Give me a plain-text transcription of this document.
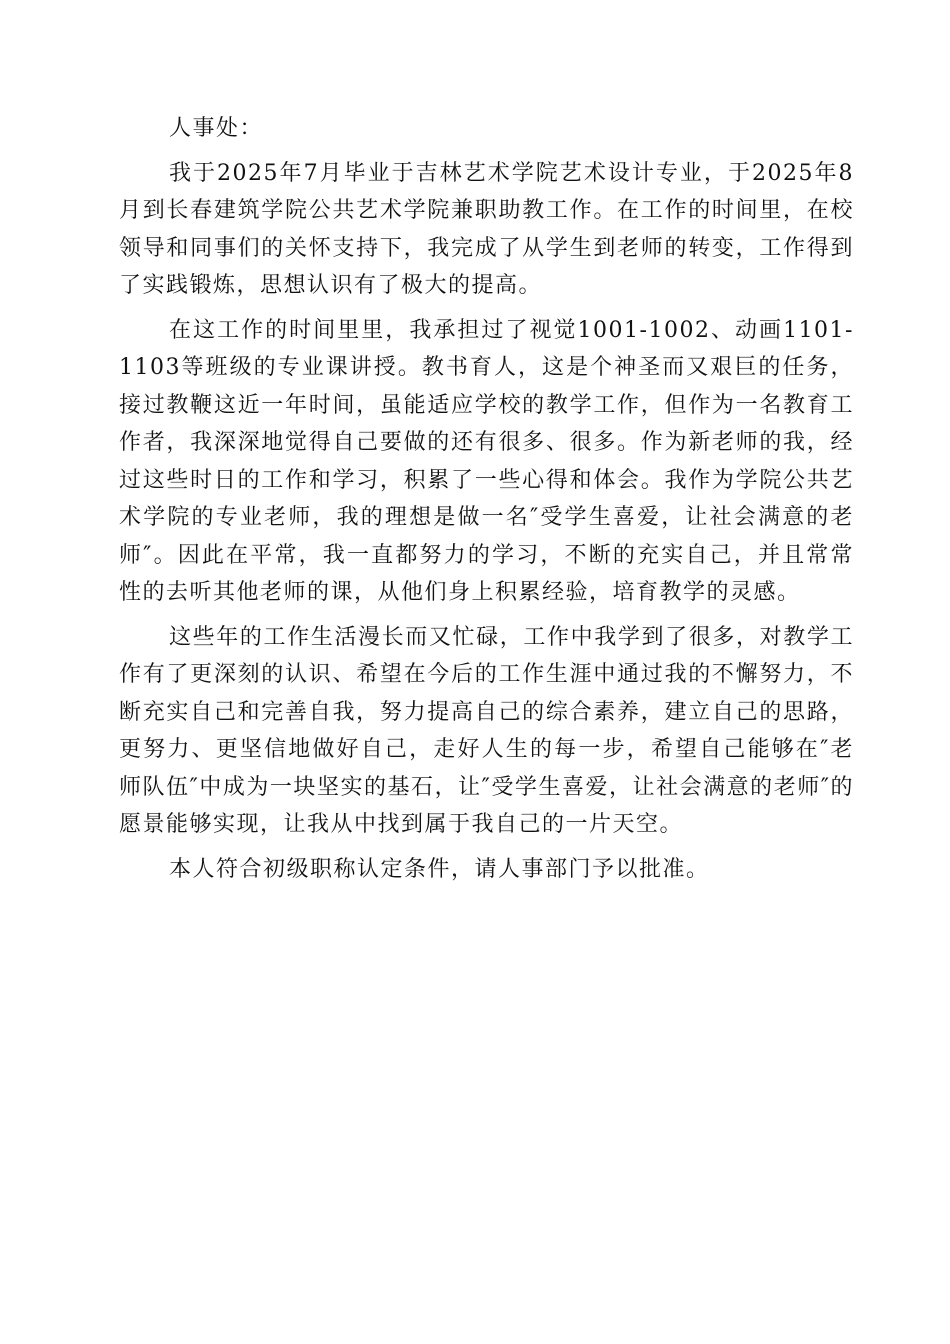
人事处：

我于2025年7月毕业于吉林艺术学院艺术设计专业，于2025年8月到长春建筑学院公共艺术学院兼职助教工作。在工作的时间里，在校领导和同事们的关怀支持下，我完成了从学生到老师的转变，工作得到了实践锻炼，思想认识有了极大的提高。

在这工作的时间里里，我承担过了视觉1001-1002、动画1101-1103等班级的专业课讲授。教书育人，这是个神圣而又艰巨的任务，接过教鞭这近一年时间，虽能适应学校的教学工作，但作为一名教育工作者，我深深地觉得自己要做的还有很多、很多。作为新老师的我，经过这些时日的工作和学习，积累了一些心得和体会。我作为学院公共艺术学院的专业老师，我的理想是做一名″受学生喜爱，让社会满意的老师″。因此在平常，我一直都努力的学习，不断的充实自己，并且常常性的去听其他老师的课，从他们身上积累经验，培育教学的灵感。

这些年的工作生活漫长而又忙碌，工作中我学到了很多，对教学工作有了更深刻的认识、希望在今后的工作生涯中通过我的不懈努力，不断充实自己和完善自我，努力提高自己的综合素养，建立自己的思路，更努力、更坚信地做好自己，走好人生的每一步，希望自己能够在″老师队伍″中成为一块坚实的基石，让″受学生喜爱，让社会满意的老师″的愿景能够实现，让我从中找到属于我自己的一片天空。

本人符合初级职称认定条件，请人事部门予以批准。
